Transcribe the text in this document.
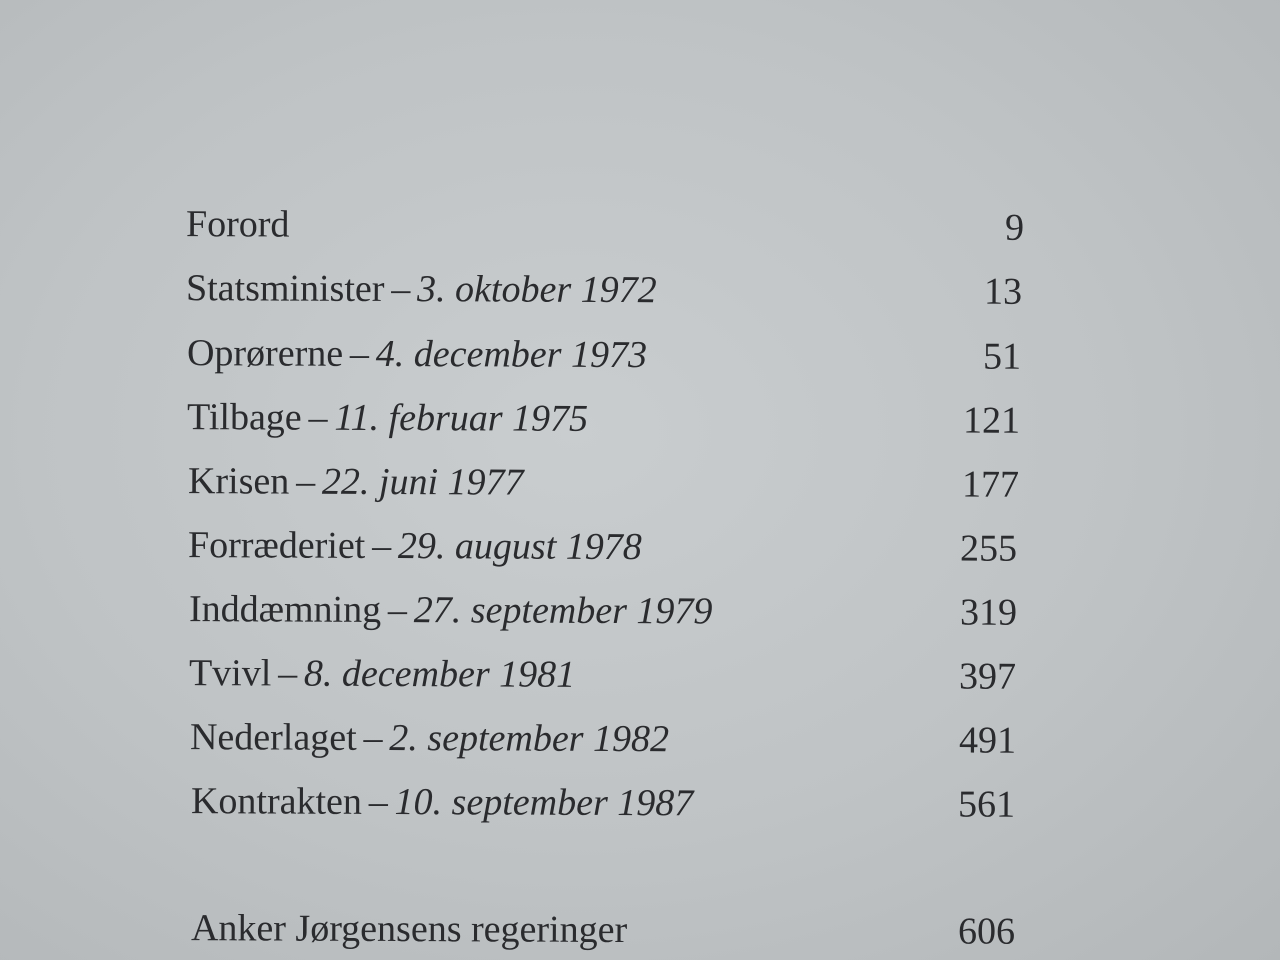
Forord	9
Statsminister – 3. oktober 1972	13
Oprørerne – 4. december 1973	51
Tilbage – 11. februar 1975	121
Krisen – 22. juni 1977	177
Forræderiet – 29. august 1978	255
Inddæmning – 27. september 1979	319
Tvivl – 8. december 1981	397
Nederlaget – 2. september 1982	491
Kontrakten – 10. september 1987	561
Anker Jørgensens regeringer	606
